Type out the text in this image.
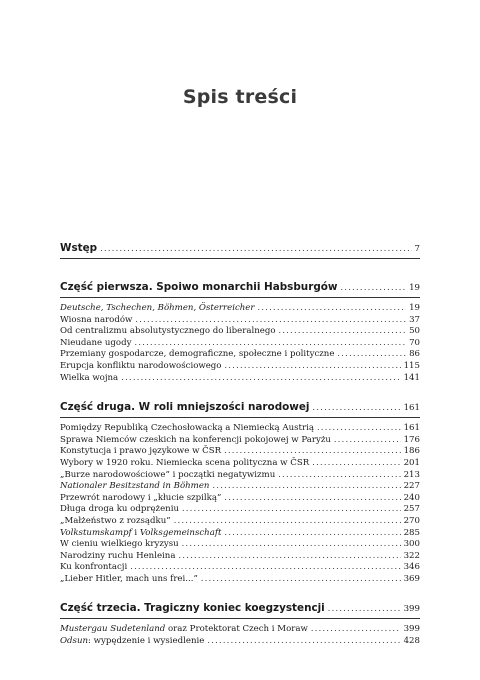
Spis treści
Wstęp . . .	7
Część pierwsza. Spoiwo monarchii Habsburgów . . .	19
Deutsche, Tschechen, Böhmen, Österreicher . . .	19
Wiosna narodów . . .	37
Od centralizmu absolutystycznego do liberalnego . . .	50
Nieudane ugody . . .	70
Przemiany gospodarcze, demograficzne, społeczne i polityczne . . .	86
Erupcja konfliktu narodowościowego . . .	115
Wielka wojna . . .	141
Część druga. W roli mniejszości narodowej . . .	161
Pomiędzy Republiką Czechosłowacką a Niemiecką Austrią . . .	161
Sprawa Niemców czeskich na konferencji pokojowej w Paryżu . . .	176
Konstytucja i prawo językowe w ČSR . . .	186
Wybory w 1920 roku. Niemiecka scena polityczna w ČSR . . .	201
„Burze narodowościowe” i początki negatywizmu . . .	213
Nationaler Besitzstand in Böhmen . . .	227
Przewrót narodowy i „kłucie szpilką” . . .	240
Długa droga ku odprężeniu . . .	257
„Małżeństwo z rozsądku” . . .	270
Volkstumskampf i Volksgemeinschaft . . .	285
W cieniu wielkiego kryzysu . . .	300
Narodziny ruchu Henleina . . .	322
Ku konfrontacji . . .	346
„Lieber Hitler, mach uns frei...” . . .	369
Część trzecia. Tragiczny koniec koegzystencji . . .	399
Mustergau Sudetenland oraz Protektorat Czech i Moraw . . .	399
Odsun: wypędzenie i wysiedlenie . . .	428
